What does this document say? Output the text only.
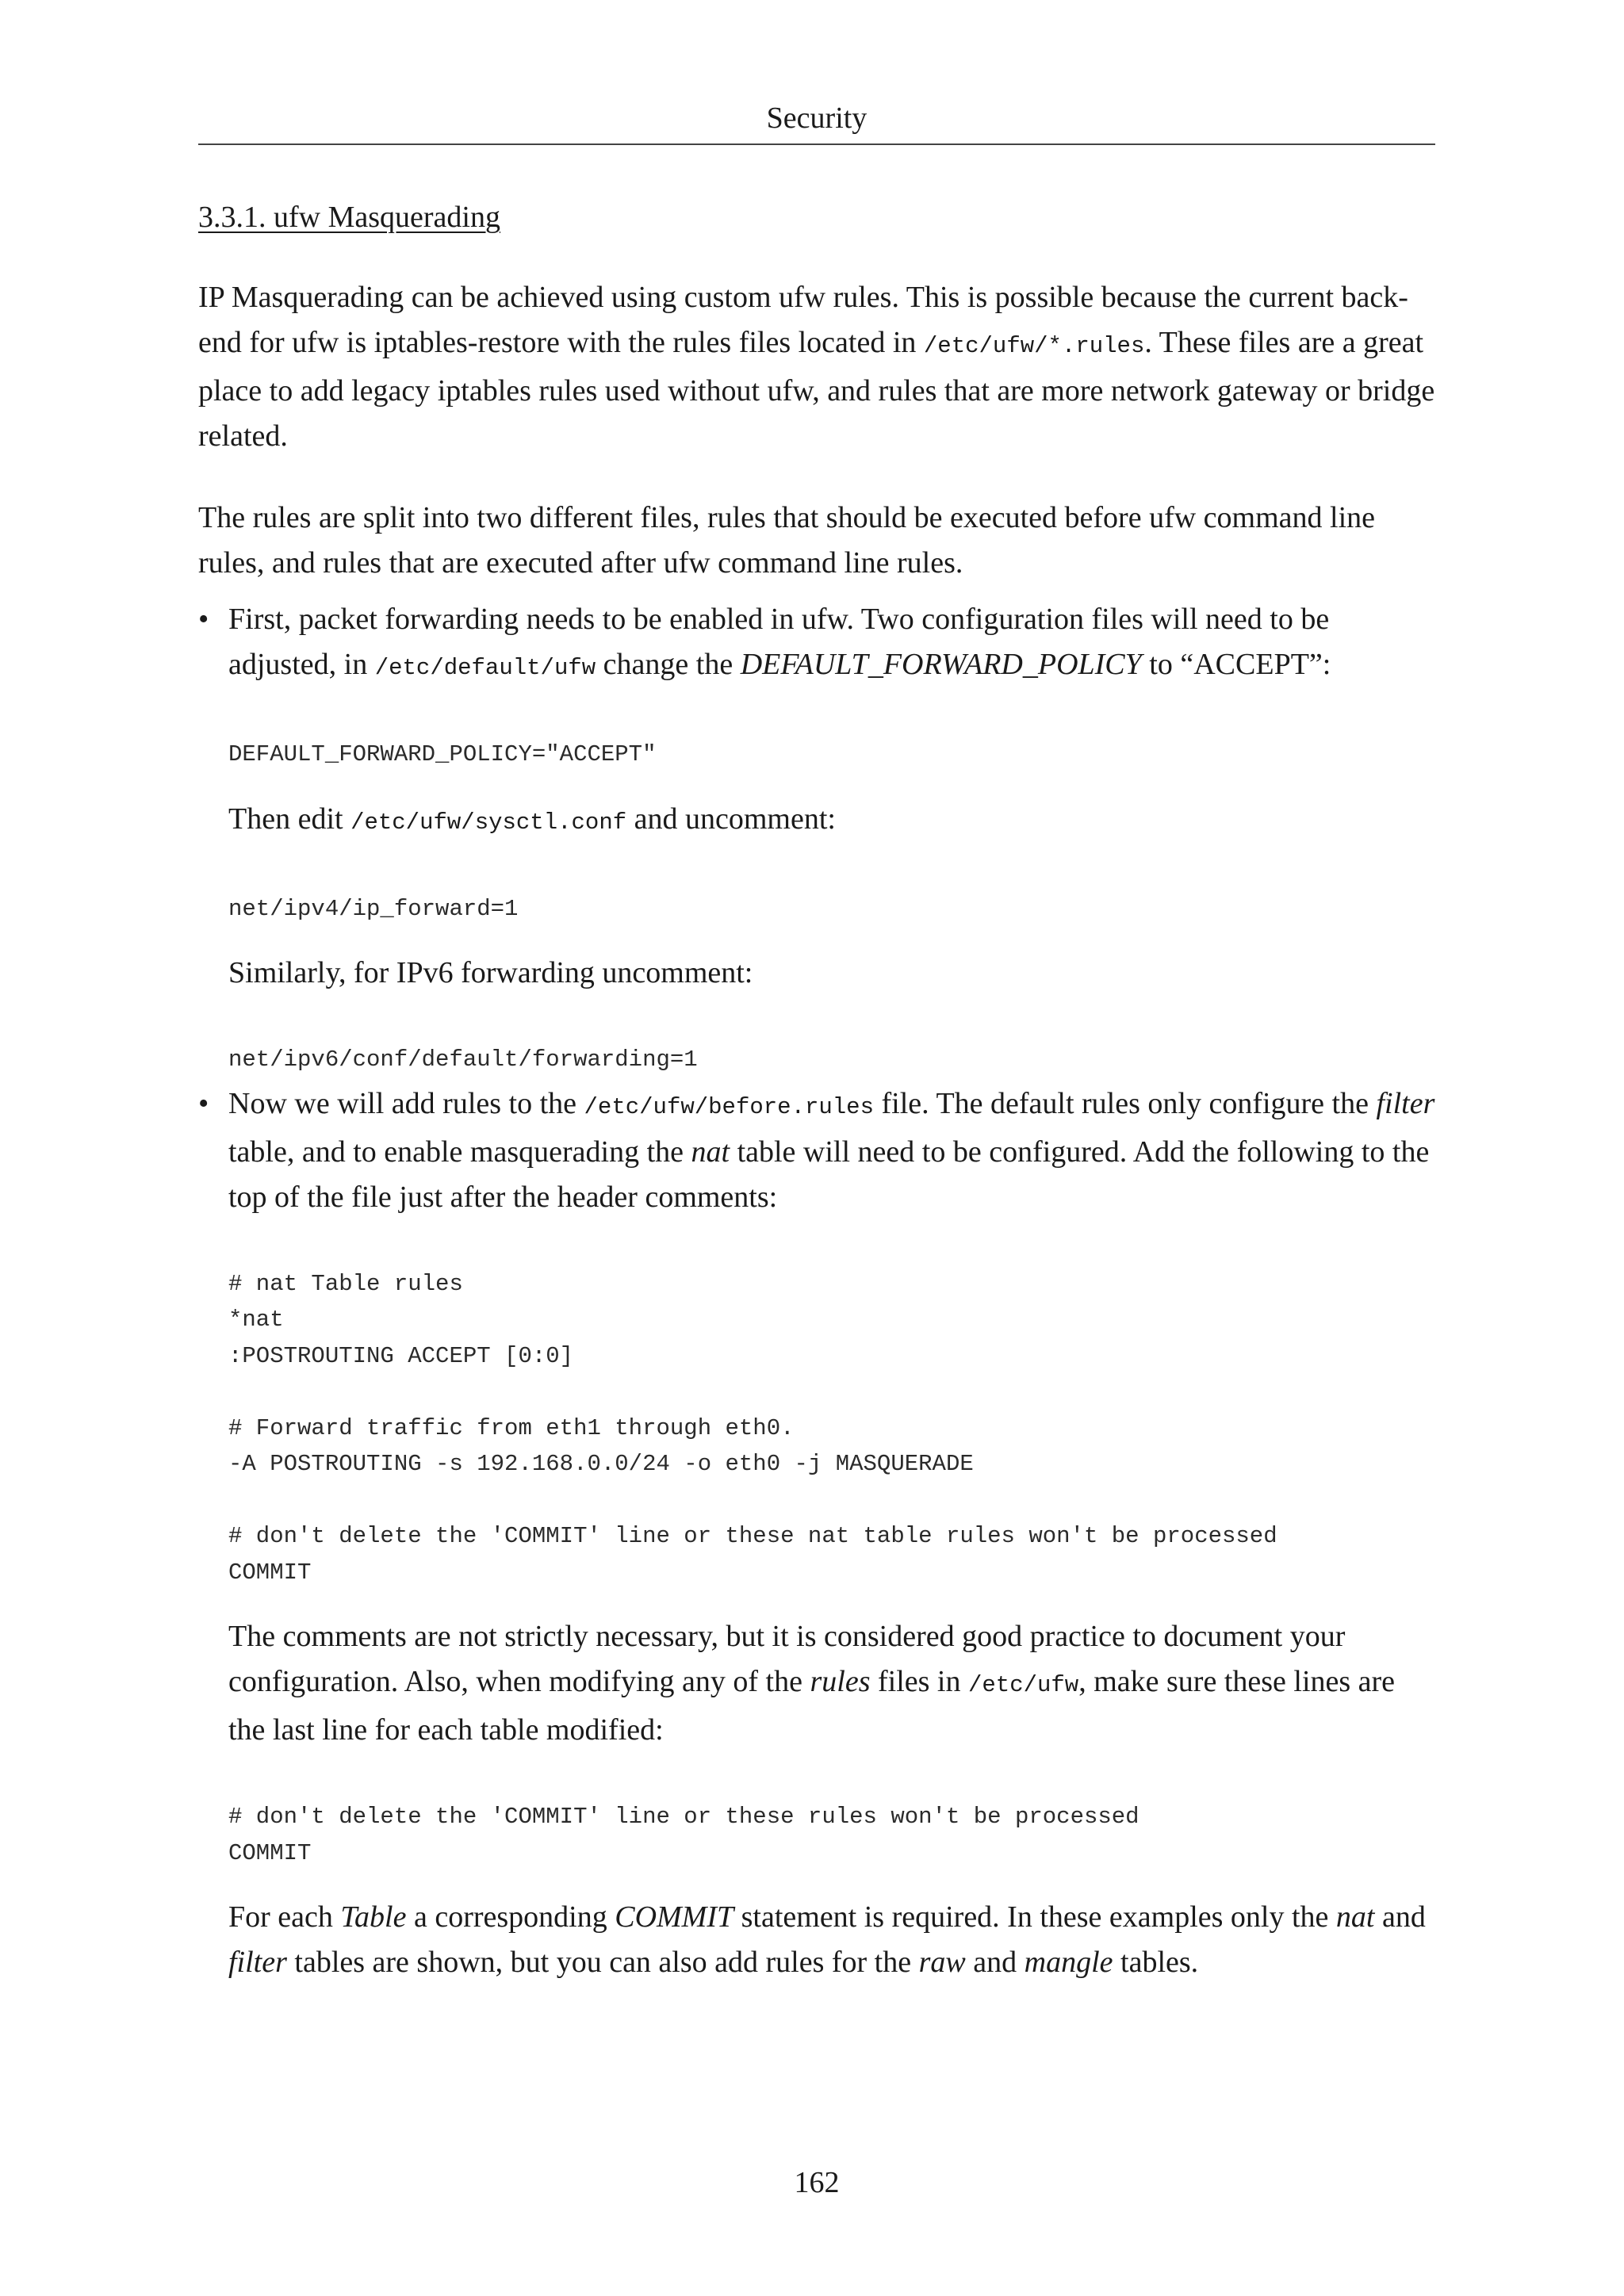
Security
3.3.1. ufw Masquerading

IP Masquerading can be achieved using custom ufw rules. This is possible because the current back-end for ufw is iptables-restore with the rules files located in /etc/ufw/*.rules. These files are a great place to add legacy iptables rules used without ufw, and rules that are more network gateway or bridge related.

The rules are split into two different files, rules that should be executed before ufw command line rules, and rules that are executed after ufw command line rules.

• First, packet forwarding needs to be enabled in ufw. Two configuration files will need to be adjusted, in /etc/default/ufw change the DEFAULT_FORWARD_POLICY to “ACCEPT”:

DEFAULT_FORWARD_POLICY="ACCEPT"

Then edit /etc/ufw/sysctl.conf and uncomment:

net/ipv4/ip_forward=1

Similarly, for IPv6 forwarding uncomment:

net/ipv6/conf/default/forwarding=1
• Now we will add rules to the /etc/ufw/before.rules file. The default rules only configure the filter table, and to enable masquerading the nat table will need to be configured. Add the following to the top of the file just after the header comments:

# nat Table rules
*nat
:POSTROUTING ACCEPT [0:0]

# Forward traffic from eth1 through eth0.
-A POSTROUTING -s 192.168.0.0/24 -o eth0 -j MASQUERADE

# don't delete the 'COMMIT' line or these nat table rules won't be processed
COMMIT

The comments are not strictly necessary, but it is considered good practice to document your configuration. Also, when modifying any of the rules files in /etc/ufw, make sure these lines are the last line for each table modified:

# don't delete the 'COMMIT' line or these rules won't be processed
COMMIT

For each Table a corresponding COMMIT statement is required. In these examples only the nat and filter tables are shown, but you can also add rules for the raw and mangle tables.

162
